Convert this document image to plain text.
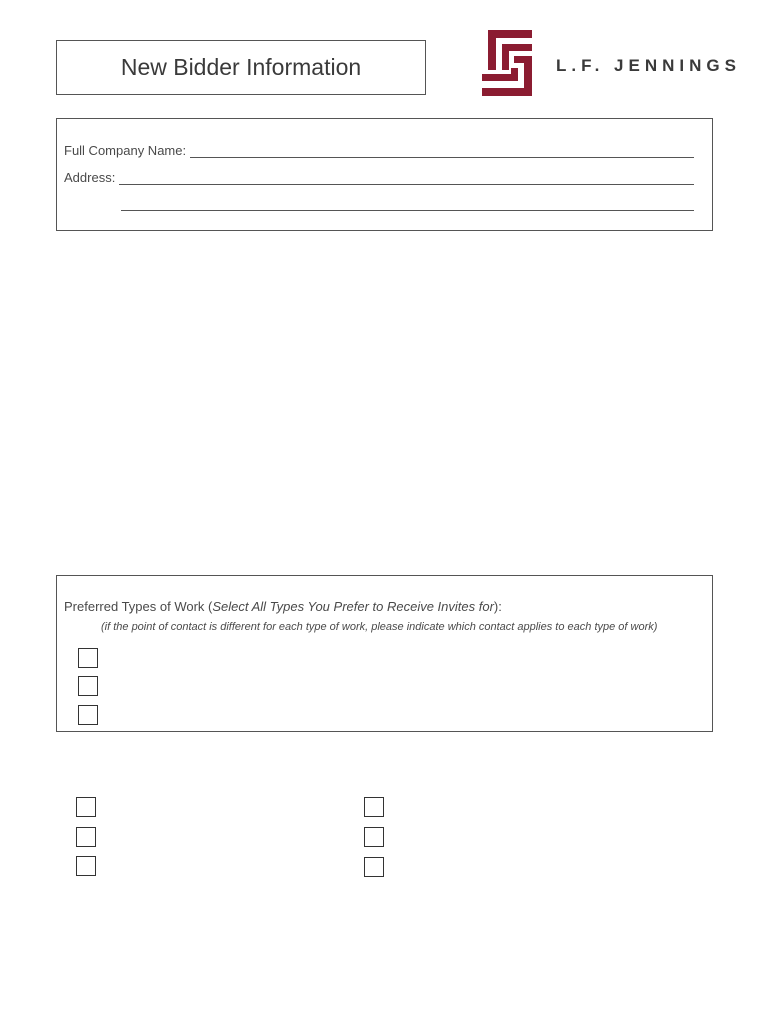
New Bidder Information	L.F. JENNINGS
Full Company Name:
Address:
Preferred Types of Work (Select All Types You Prefer to Receive Invites for):
(if the point of contact is different for each type of work, please indicate which contact applies to each type of work)
